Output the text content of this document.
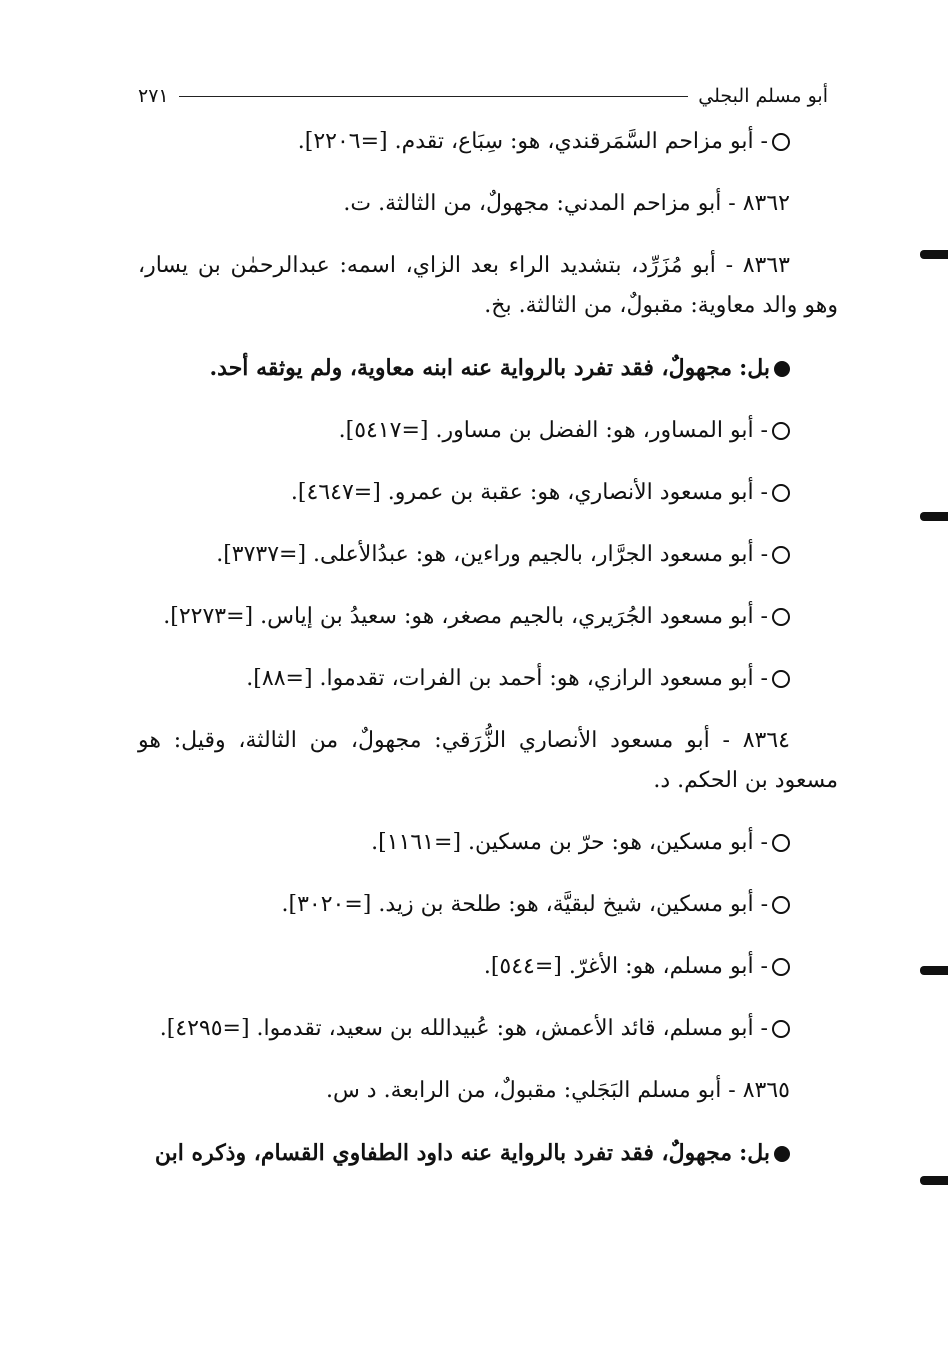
أبو مسلم البجلي
٢٧١

- أبو مزاحم السَّمَرقندي، هو: سِبَاع، تقدم. [=٢٢٠٦].

٨٣٦٢ - أبو مزاحم المدني: مجهولٌ، من الثالثة. ت.

٨٣٦٣ - أبو مُزَرِّد، بتشديد الراء بعد الزاي، اسمه: عبدالرحمٰن بن يسار، وهو والد معاوية: مقبولٌ، من الثالثة. بخ.

بل: مجهولٌ، فقد تفرد بالرواية عنه ابنه معاوية، ولم يوثقه أحد.

- أبو المساور، هو: الفضل بن مساور. [=٥٤١٧].

- أبو مسعود الأنصاري، هو: عقبة بن عمرو. [=٤٦٤٧].

- أبو مسعود الجرَّار، بالجيم وراءين، هو: عبدُالأعلى. [=٣٧٣٧].

- أبو مسعود الجُرَيري، بالجيم مصغر، هو: سعيدُ بن إياس. [=٢٢٧٣].

- أبو مسعود الرازي، هو: أحمد بن الفرات، تقدموا. [=٨٨].

٨٣٦٤ - أبو مسعود الأنصاري الزُّرَقي: مجهولٌ، من الثالثة، وقيل: هو مسعود بن الحكم. د.

- أبو مسكين، هو: حرّ بن مسكين. [=١١٦١].

- أبو مسكين، شيخ لبقيَّة، هو: طلحة بن زيد. [=٣٠٢٠].

- أبو مسلم، هو: الأغرّ. [=٥٤٤].

- أبو مسلم، قائد الأعمش، هو: عُبيدالله بن سعيد، تقدموا. [=٤٢٩٥].

٨٣٦٥ - أبو مسلم البَجَلي: مقبولٌ، من الرابعة. د س.

بل: مجهولٌ، فقد تفرد بالرواية عنه داود الطفاوي القسام، وذكره ابن
